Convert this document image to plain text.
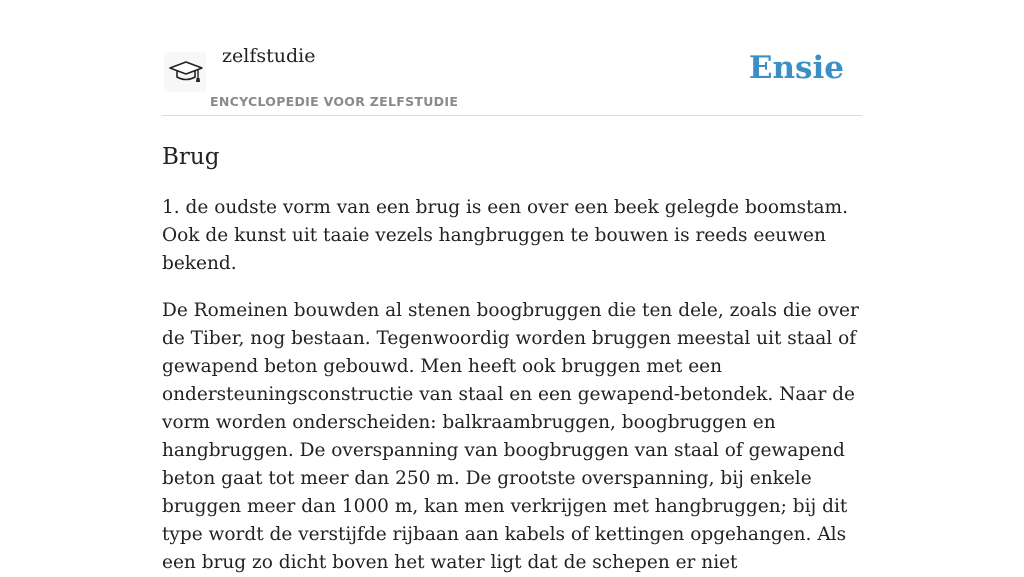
zelfstudie
ENCYCLOPEDIE VOOR ZELFSTUDIE
Ensie
Brug

1. de oudste vorm van een brug is een over een beek gelegde boomstam. Ook de kunst uit taaie vezels hangbruggen te bouwen is reeds eeuwen bekend.

De Romeinen bouwden al stenen boogbruggen die ten dele, zoals die over de Tiber, nog bestaan. Tegenwoordig worden bruggen meestal uit staal of gewapend beton gebouwd. Men heeft ook bruggen met een ondersteuningsconstructie van staal en een gewapend-betondek. Naar de vorm worden onderscheiden: balkraambruggen, boogbruggen en hangbruggen. De overspanning van boogbruggen van staal of gewapend beton gaat tot meer dan 250 m. De grootste overspanning, bij enkele bruggen meer dan 1000 m, kan men verkrijgen met hangbruggen; bij dit type wordt de verstijfde rijbaan aan kabels of kettingen opgehangen. Als een brug zo dicht boven het water ligt dat de schepen er niet
